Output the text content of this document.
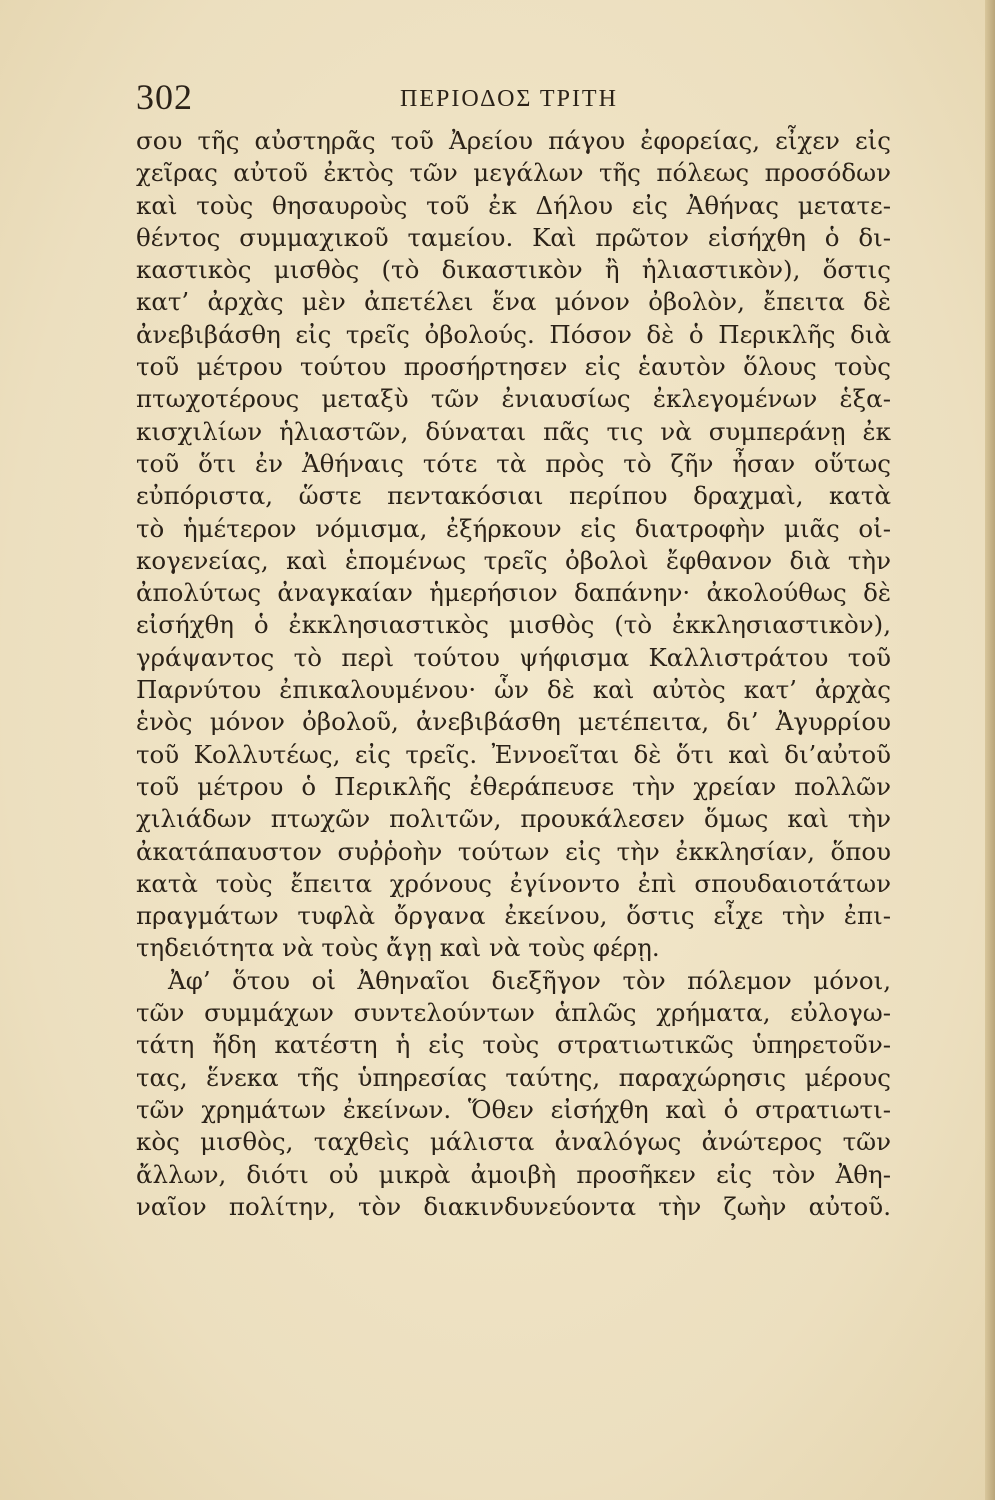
302	ΠΕΡΙΟΔΟΣ ΤΡΙΤΗ
σου τῆς αὐστηρᾶς τοῦ Ἀρείου πάγου ἐφορείας, εἶχεν εἰς
χεῖρας αὐτοῦ ἐκτὸς τῶν μεγάλων τῆς πόλεως προσόδων
καὶ τοὺς θησαυροὺς τοῦ ἐκ Δήλου εἰς Ἀθήνας μετατε-
θέντος συμμαχικοῦ ταμείου. Καὶ πρῶτον εἰσήχθη ὁ δι-
καστικὸς μισθὸς (τὸ δικαστικὸν ἢ ἡλιαστικὸν), ὅστις
κατ’ ἀρχὰς μὲν ἀπετέλει ἕνα μόνον ὀβολὸν, ἔπειτα δὲ
ἀνεβιβάσθη εἰς τρεῖς ὀβολούς. Πόσον δὲ ὁ Περικλῆς διὰ
τοῦ μέτρου τούτου προσήρτησεν εἰς ἑαυτὸν ὅλους τοὺς
πτωχοτέρους μεταξὺ τῶν ἐνιαυσίως ἐκλεγομένων ἑξα-
κισχιλίων ἡλιαστῶν, δύναται πᾶς τις νὰ συμπεράνῃ ἐκ
τοῦ ὅτι ἐν Ἀθήναις τότε τὰ πρὸς τὸ ζῆν ἦσαν οὕτως
εὐπόριστα, ὥστε πεντακόσιαι περίπου δραχμαὶ, κατὰ
τὸ ἡμέτερον νόμισμα, ἐξήρκουν εἰς διατροφὴν μιᾶς οἰ-
κογενείας, καὶ ἑπομένως τρεῖς ὀβολοὶ ἔφθανον διὰ τὴν
ἀπολύτως ἀναγκαίαν ἡμερήσιον δαπάνην· ἀκολούθως δὲ
εἰσήχθη ὁ ἐκκλησιαστικὸς μισθὸς (τὸ ἐκκλησιαστικὸν),
γράψαντος τὸ περὶ τούτου ψήφισμα Καλλιστράτου τοῦ
Παρνύτου ἐπικαλουμένου· ὧν δὲ καὶ αὐτὸς κατ’ ἀρχὰς
ἑνὸς μόνον ὀβολοῦ, ἀνεβιβάσθη μετέπειτα, δι’ Ἀγυρρίου
τοῦ Κολλυτέως, εἰς τρεῖς. Ἐννοεῖται δὲ ὅτι καὶ δι’αὐτοῦ
τοῦ μέτρου ὁ Περικλῆς ἐθεράπευσε τὴν χρείαν πολλῶν
χιλιάδων πτωχῶν πολιτῶν, προυκάλεσεν ὅμως καὶ τὴν
ἀκατάπαυστον συῤῥοὴν τούτων εἰς τὴν ἐκκλησίαν, ὅπου
κατὰ τοὺς ἔπειτα χρόνους ἐγίνοντο ἐπὶ σπουδαιοτάτων
πραγμάτων τυφλὰ ὄργανα ἐκείνου, ὅστις εἶχε τὴν ἐπι-
τηδειότητα νὰ τοὺς ἄγῃ καὶ νὰ τοὺς φέρῃ.
Ἀφ’ ὅτου οἱ Ἀθηναῖοι διεξῆγον τὸν πόλεμον μόνοι,
τῶν συμμάχων συντελούντων ἁπλῶς χρήματα, εὐλογω-
τάτη ἤδη κατέστη ἡ εἰς τοὺς στρατιωτικῶς ὑπηρετοῦν-
τας, ἕνεκα τῆς ὑπηρεσίας ταύτης, παραχώρησις μέρους
τῶν χρημάτων ἐκείνων. Ὅθεν εἰσήχθη καὶ ὁ στρατιωτι-
κὸς μισθὸς, ταχθεὶς μάλιστα ἀναλόγως ἀνώτερος τῶν
ἄλλων, διότι οὐ μικρὰ ἀμοιβὴ προσῆκεν εἰς τὸν Ἀθη-
ναῖον πολίτην, τὸν διακινδυνεύοντα τὴν ζωὴν αὐτοῦ.
